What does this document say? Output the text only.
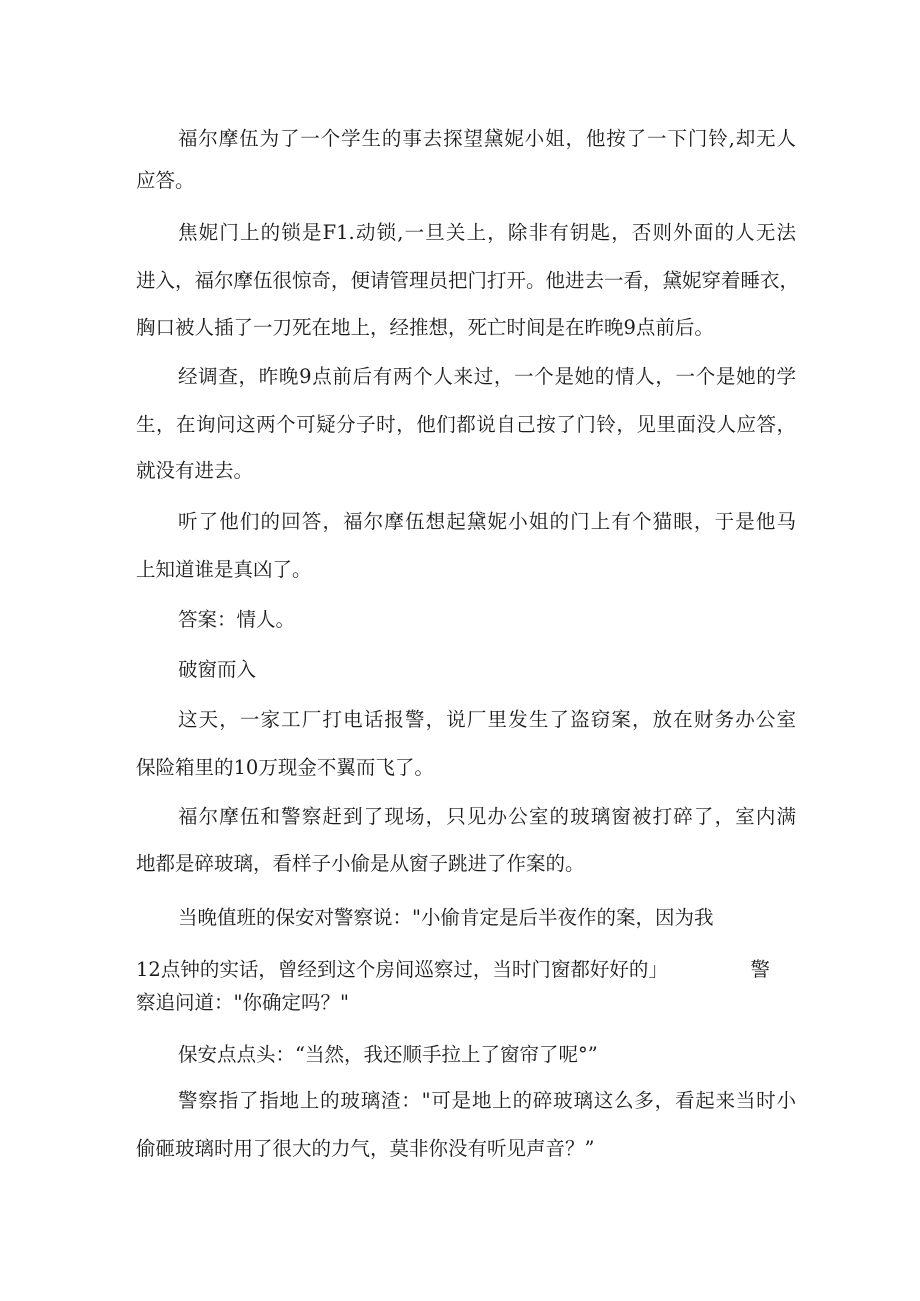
福尔摩伍为了一个学生的事去探望黛妮小姐，他按了一下门铃,却无人
应答。
焦妮门上的锁是F1.动锁,一旦关上，除非有钥匙，否则外面的人无法
进入，福尔摩伍很惊奇，便请管理员把门打开。他进去一看，黛妮穿着睡衣，
胸口被人插了一刀死在地上，经推想，死亡时间是在昨晚9点前后。
经调查，昨晚9点前后有两个人来过，一个是她的情人，一个是她的学
生，在询问这两个可疑分子时，他们都说自己按了门铃，见里面没人应答，
就没有进去。
听了他们的回答，福尔摩伍想起黛妮小姐的门上有个猫眼，于是他马
上知道谁是真凶了。
答案：情人。
破窗而入
这天，一家工厂打电话报警，说厂里发生了盗窃案，放在财务办公室
保险箱里的10万现金不翼而飞了。
福尔摩伍和警察赶到了现场，只见办公室的玻璃窗被打碎了，室内满
地都是碎玻璃，看样子小偷是从窗子跳进了作案的。
当晚值班的保安对警察说："小偷肯定是后半夜作的案，因为我
12点钟的实话，曾经到这个房间巡察过，当时门窗都好好的」	警
察追问道："你确定吗？"
保安点点头：“当然，我还顺手拉上了窗帘了呢°”
警察指了指地上的玻璃渣："可是地上的碎玻璃这么多，看起来当时小
偷砸玻璃时用了很大的力气，莫非你没有听见声音？”
